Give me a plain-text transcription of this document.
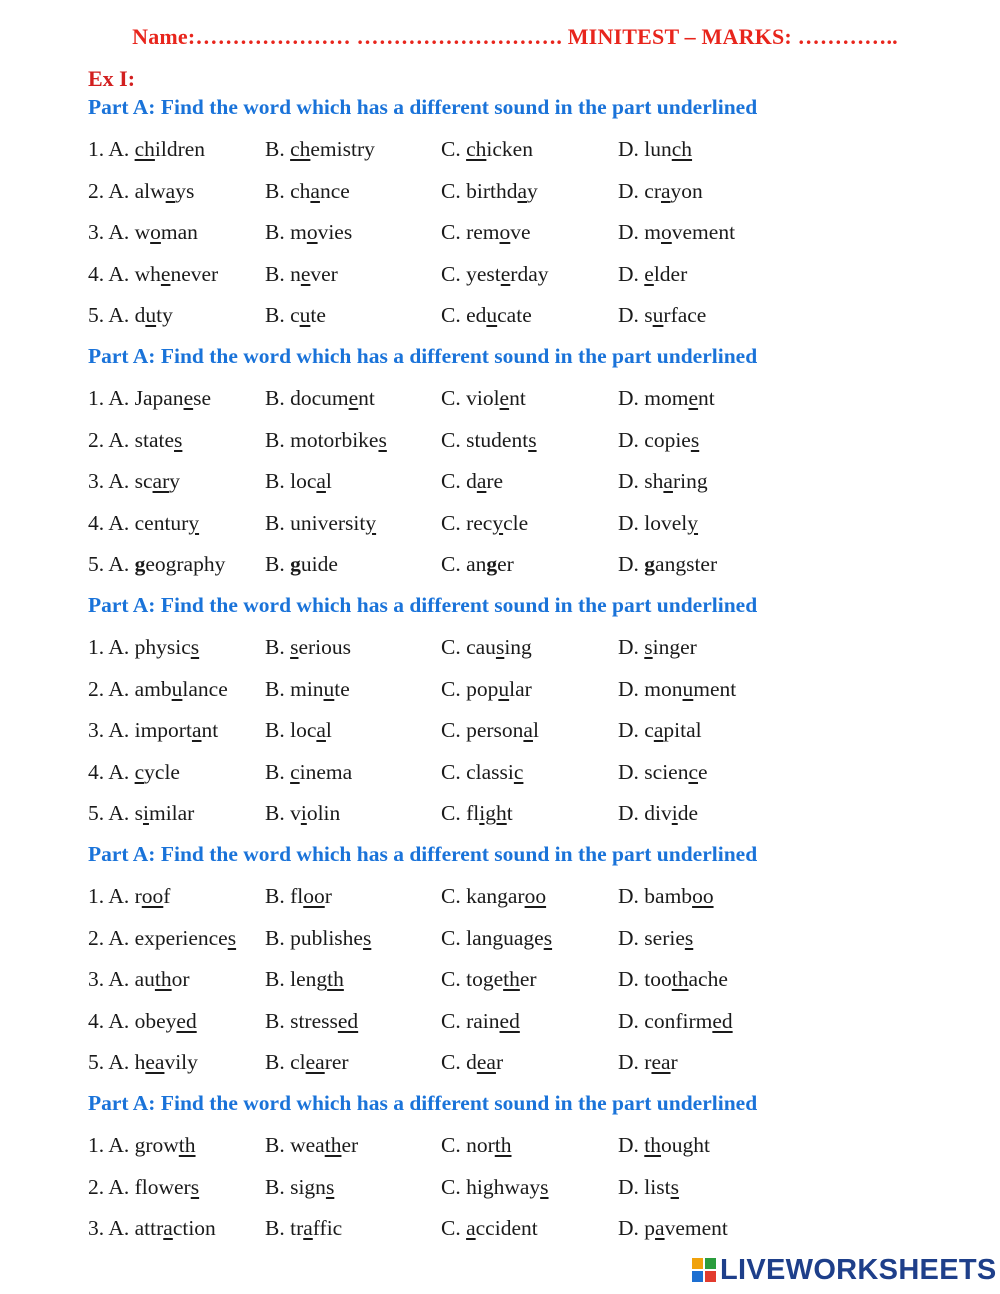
Name:………………… ………………………. MINITEST – MARKS: …………..
Ex I:
Part A: Find the word which has a different sound in the part underlined
1. A. children	B. chemistry	C. chicken	D. lunch
2. A. always	B. chance	C. birthday	D. crayon
3. A. woman	B. movies	C. remove	D. movement
4. A. whenever B. never	C. yesterday	D. elder
5. A. duty	B. cute	C. educate	D. surface
Part A: Find the word which has a different sound in the part underlined
1. A. Japanese	B. document	C. violent	D. moment
2. A. states	B. motorbikes	C. students	D. copies
3. A. scary	B. local	C. dare	D. sharing
4. A. century	B. university	C. recycle	D. lovely
5. A. geography B. guide	C. anger	D. gangster
Part A: Find the word which has a different sound in the part underlined
1. A. physics	B. serious	C. causing	D. singer
2. A. ambulance B. minute	C. popular	D. monument
3. A. important B. local	C. personal	D. capital
4. A. cycle	B. cinema	C. classic	D. science
5. A. similar	B. violin	C. flight	D. divide
Part A: Find the word which has a different sound in the part underlined
1. A. roof	B. floor	C. kangaroo	D. bamboo
2. A. experiences B. publishes	C. languages	D. series
3. A. author	B. length	C. together	D. toothache
4. A. obeyed	B. stressed	C. rained	D. confirmed
5. A. heavily	B. clearer	C. dear	D. rear
Part A: Find the word which has a different sound in the part underlined
1. A. growth	B. weather	C. north	D. thought
2. A. flowers	B. signs	C. highways	D. lists
3. A. attraction B. traffic	C. accident	D. pavement
LIVEWORKSHEETS
